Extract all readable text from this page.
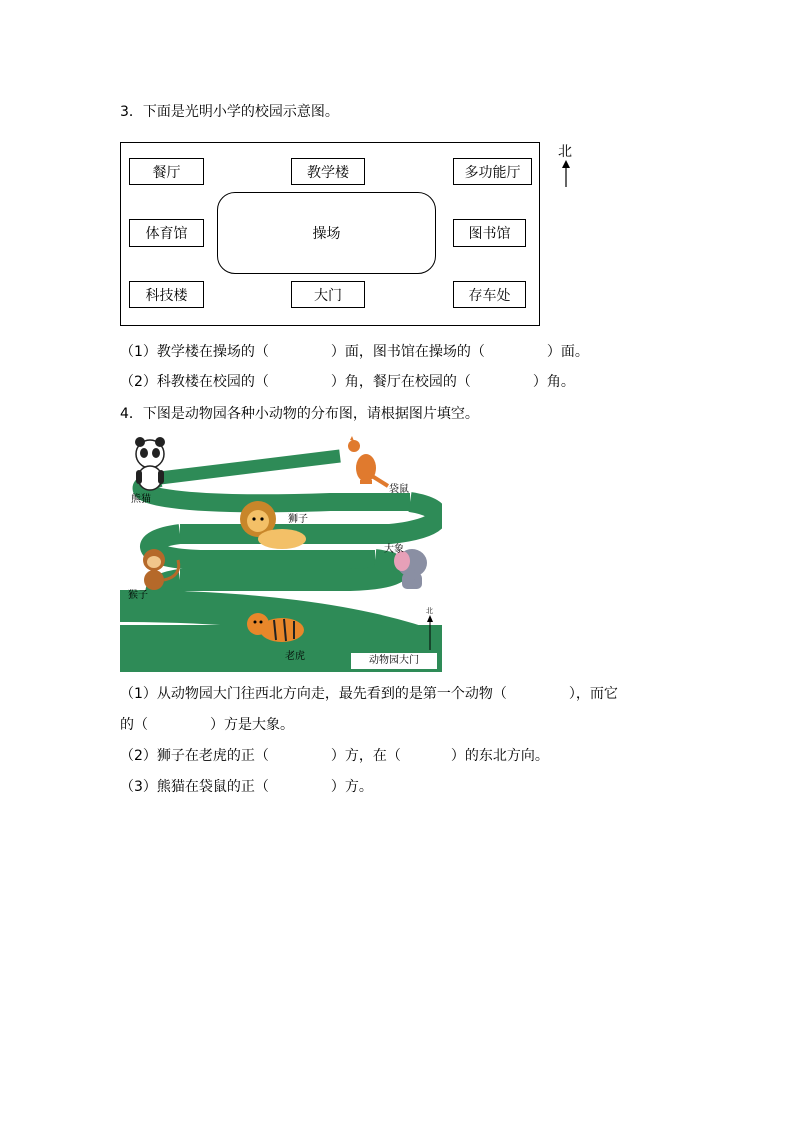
3．下面是光明小学的校园示意图。
餐厅	教学楼	多功能厅
体育馆	操场	图书馆
科技楼	大门	存车处
北
（1）教学楼在操场的（	）面，图书馆在操场的（	）面。
（2）科教楼在校园的（	）角，餐厅在校园的（	）角。
4．下图是动物园各种小动物的分布图，请根据图片填空。
熊猫
袋鼠
狮子
大象
猴子
老虎	动物园大门
北
（1）从动物园大门往西北方向走，最先看到的是第一个动物（	），而它
的（	）方是大象。
（2）狮子在老虎的正（	）方，在（	）的东北方向。
（3）熊猫在袋鼠的正（	）方。
